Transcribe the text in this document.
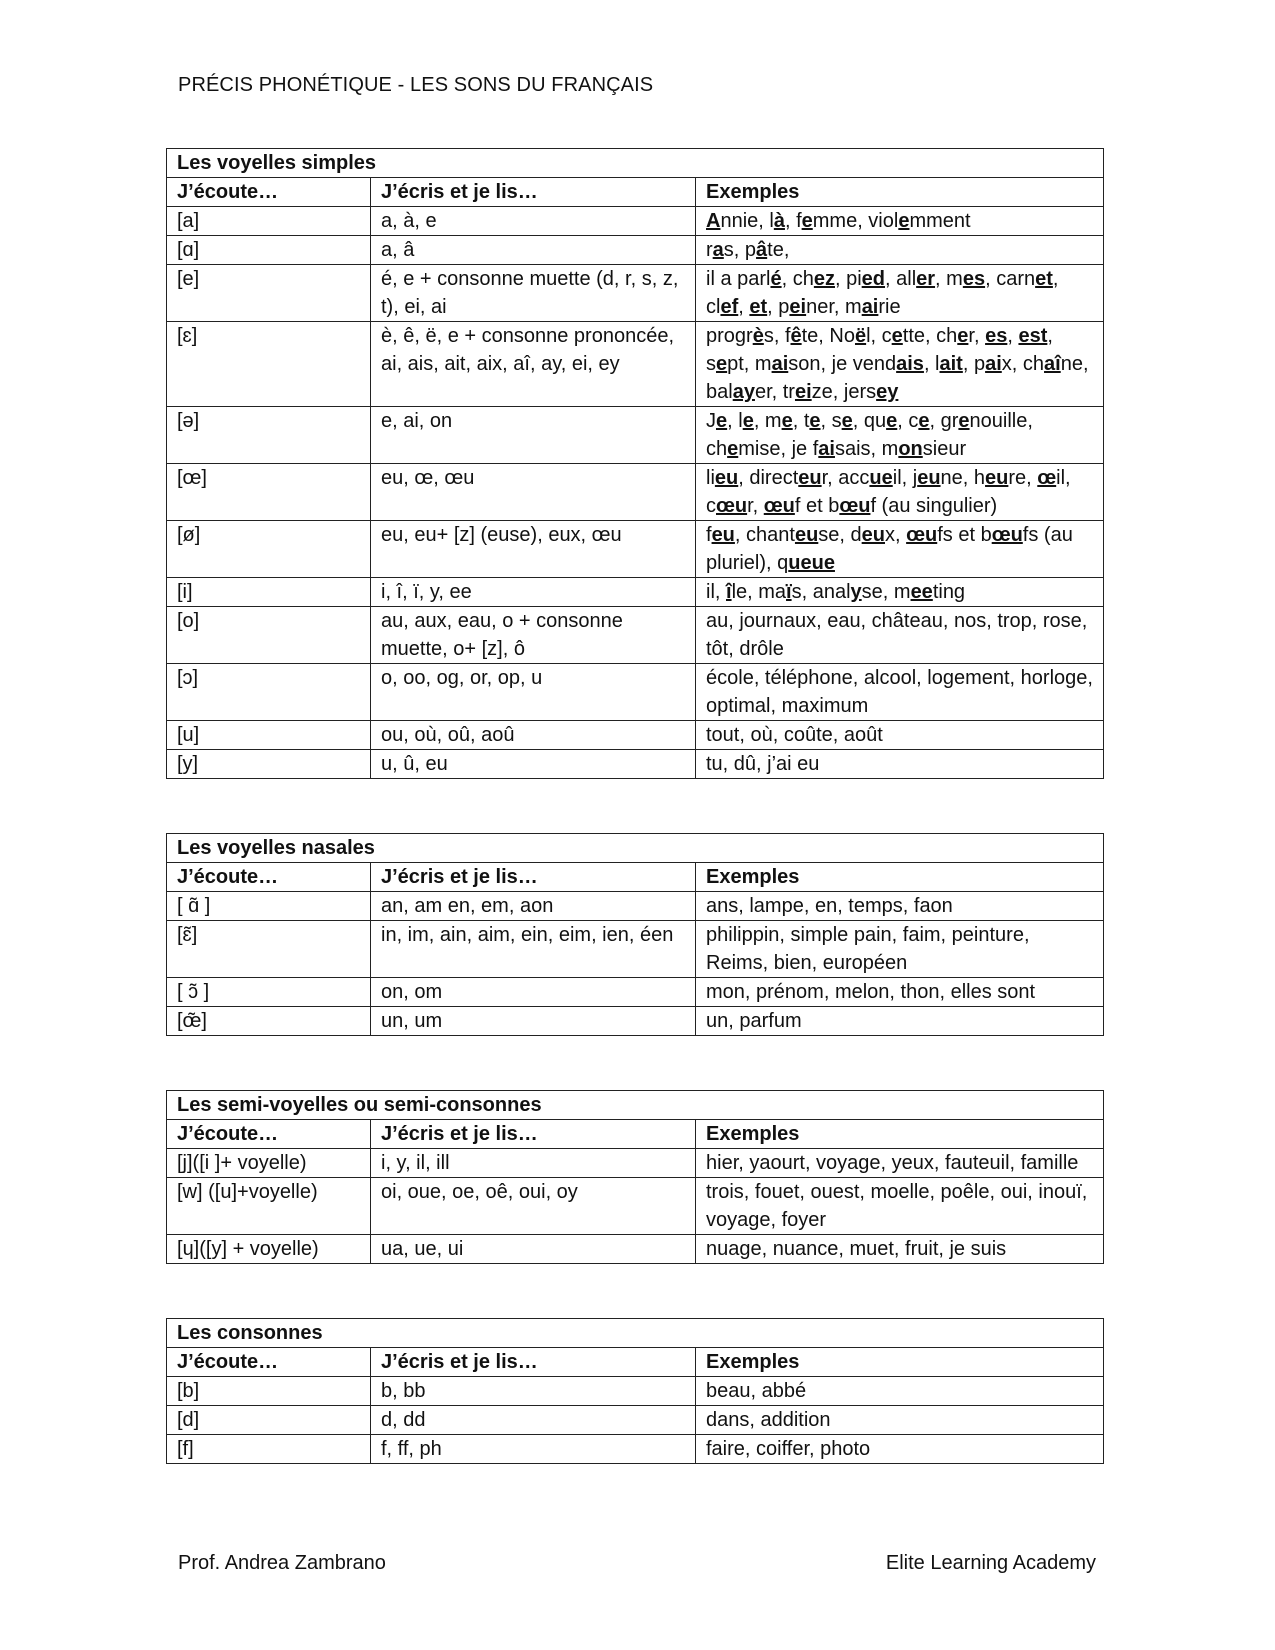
PRÉCIS PHONÉTIQUE - LES SONS DU FRANÇAIS
Les voyelles simples		
J’écoute…	J’écris et je lis…	Exemples
[a]	a, à, e	Annie, là, femme, violemment
[ɑ]	a, â	ras, pâte,
[e]	é, e + consonne muette (d, r, s, z, t), ei, ai	il a parlé, chez, pied, aller, mes, carnet, clef, et, peiner, mairie
[ɛ]	è, ê, ë, e + consonne prononcée, ai, ais, ait, aix, aî, ay, ei, ey	progrès, fête, Noël, cette, cher, es, est, sept, maison, je vendais, lait, paix, chaîne, balayer, treize, jersey
[ə]	e, ai, on	Je, le, me, te, se, que, ce, grenouille, chemise, je faisais, monsieur
[œ]	eu, œ, œu	lieu, directeur, accueil, jeune, heure, œil, cœur, œuf et bœuf (au singulier)
[ø]	eu, eu+ [z] (euse), eux, œu	feu, chanteuse, deux, œufs et bœufs (au pluriel), queue
[i]	i, î, ï, y, ee	il, île, maïs, analyse, meeting
[o]	au, aux, eau, o + consonne muette, o+ [z], ô	au, journaux, eau, château, nos, trop, rose, tôt, drôle
[ɔ]	o, oo, og, or, op, u	école, téléphone, alcool, logement, horloge, optimal, maximum
[u]	ou, où, oû, aoû	tout, où, coûte, août
[y]	u, û, eu	tu, dû, j’ai eu
Les voyelles nasales		
J’écoute…	J’écris et je lis…	Exemples
[ ɑ̃ ]	an, am en, em, aon	ans, lampe, en, temps, faon
[ɛ̃]	in, im, ain, aim, ein, eim, ien, éen	philippin, simple pain, faim, peinture, Reims, bien, européen
[ ɔ̃ ]	on, om	mon, prénom, melon, thon, elles sont
[œ̃]	un, um	un, parfum
Les semi-voyelles ou semi-consonnes		
J’écoute…	J’écris et je lis…	Exemples
[j]([i ]+ voyelle)	i, y, il, ill	hier, yaourt, voyage, yeux, fauteuil, famille
[w] ([u]+voyelle)	oi, oue, oe, oê, oui, oy	trois, fouet, ouest, moelle, poêle, oui, inouï, voyage, foyer
[ɥ]([y] + voyelle)	ua, ue, ui	nuage, nuance, muet, fruit, je suis
Les consonnes		
J’écoute…	J’écris et je lis…	Exemples
[b]	b, bb	beau, abbé
[d]	d, dd	dans, addition
[f]	f, ff, ph	faire, coiffer, photo
Prof. Andrea Zambrano	Elite Learning Academy
